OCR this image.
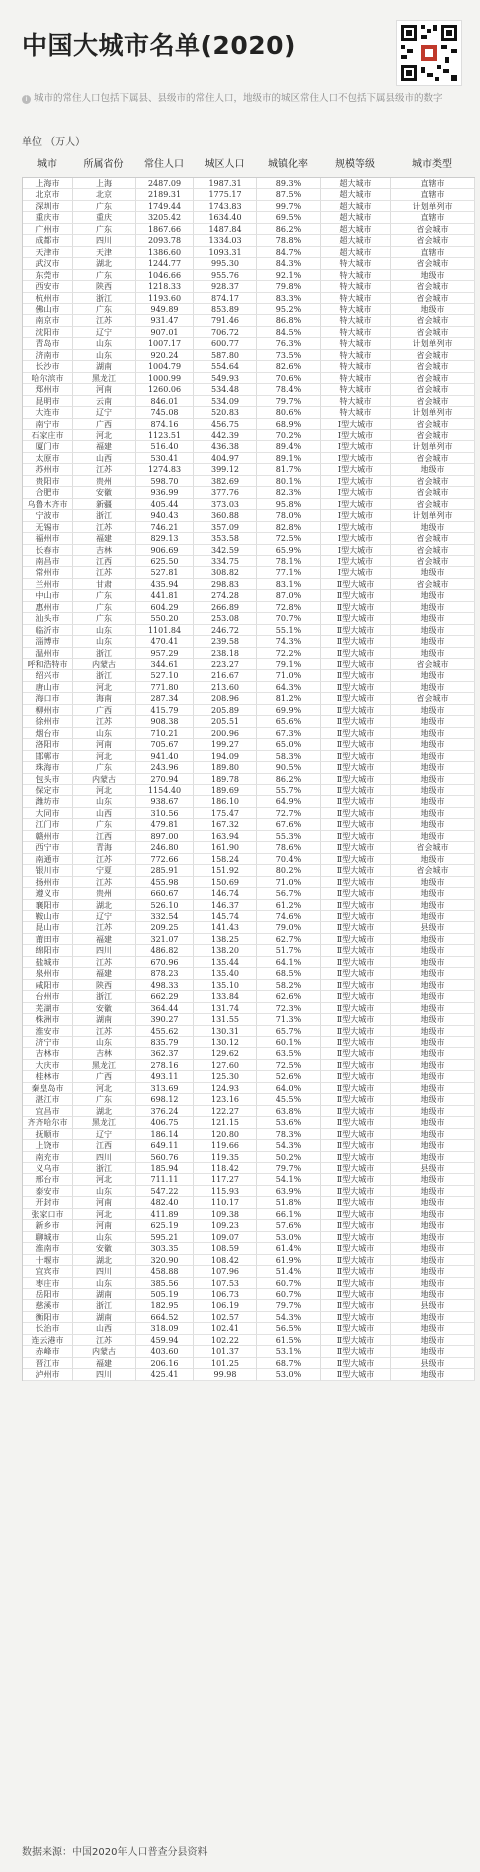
中国大城市名单(2020)
i 城市的常住人口包括下属县、县级市的常住人口，地级市的城区常住人口不包括下属县级市的数字
单位 （万人）
城市	所属省份	常住人口	城区人口	城镇化率	规模等级	城市类型
上海市	上海	2487.09	1987.31	89.3%	超大城市	直辖市
北京市	北京	2189.31	1775.17	87.5%	超大城市	直辖市
深圳市	广东	1749.44	1743.83	99.7%	超大城市	计划单列市
重庆市	重庆	3205.42	1634.40	69.5%	超大城市	直辖市
广州市	广东	1867.66	1487.84	86.2%	超大城市	省会城市
成都市	四川	2093.78	1334.03	78.8%	超大城市	省会城市
天津市	天津	1386.60	1093.31	84.7%	超大城市	直辖市
武汉市	湖北	1244.77	995.30	84.3%	特大城市	省会城市
东莞市	广东	1046.66	955.76	92.1%	特大城市	地级市
西安市	陕西	1218.33	928.37	79.8%	特大城市	省会城市
杭州市	浙江	1193.60	874.17	83.3%	特大城市	省会城市
佛山市	广东	949.89	853.89	95.2%	特大城市	地级市
南京市	江苏	931.47	791.46	86.8%	特大城市	省会城市
沈阳市	辽宁	907.01	706.72	84.5%	特大城市	省会城市
青岛市	山东	1007.17	600.77	76.3%	特大城市	计划单列市
济南市	山东	920.24	587.80	73.5%	特大城市	省会城市
长沙市	湖南	1004.79	554.64	82.6%	特大城市	省会城市
哈尔滨市	黑龙江	1000.99	549.93	70.6%	特大城市	省会城市
郑州市	河南	1260.06	534.48	78.4%	特大城市	省会城市
昆明市	云南	846.01	534.09	79.7%	特大城市	省会城市
大连市	辽宁	745.08	520.83	80.6%	特大城市	计划单列市
南宁市	广西	874.16	456.75	68.9%	Ⅰ型大城市	省会城市
石家庄市	河北	1123.51	442.39	70.2%	Ⅰ型大城市	省会城市
厦门市	福建	516.40	436.38	89.4%	Ⅰ型大城市	计划单列市
太原市	山西	530.41	404.97	89.1%	Ⅰ型大城市	省会城市
苏州市	江苏	1274.83	399.12	81.7%	Ⅰ型大城市	地级市
贵阳市	贵州	598.70	382.69	80.1%	Ⅰ型大城市	省会城市
合肥市	安徽	936.99	377.76	82.3%	Ⅰ型大城市	省会城市
乌鲁木齐市	新疆	405.44	373.03	95.8%	Ⅰ型大城市	省会城市
宁波市	浙江	940.43	360.88	78.0%	Ⅰ型大城市	计划单列市
无锡市	江苏	746.21	357.09	82.8%	Ⅰ型大城市	地级市
福州市	福建	829.13	353.58	72.5%	Ⅰ型大城市	省会城市
长春市	吉林	906.69	342.59	65.9%	Ⅰ型大城市	省会城市
南昌市	江西	625.50	334.75	78.1%	Ⅰ型大城市	省会城市
常州市	江苏	527.81	308.82	77.1%	Ⅰ型大城市	地级市
兰州市	甘肃	435.94	298.83	83.1%	Ⅱ型大城市	省会城市
中山市	广东	441.81	274.28	87.0%	Ⅱ型大城市	地级市
惠州市	广东	604.29	266.89	72.8%	Ⅱ型大城市	地级市
汕头市	广东	550.20	253.08	70.7%	Ⅱ型大城市	地级市
临沂市	山东	1101.84	246.72	55.1%	Ⅱ型大城市	地级市
淄博市	山东	470.41	239.58	74.3%	Ⅱ型大城市	地级市
温州市	浙江	957.29	238.18	72.2%	Ⅱ型大城市	地级市
呼和浩特市	内蒙古	344.61	223.27	79.1%	Ⅱ型大城市	省会城市
绍兴市	浙江	527.10	216.67	71.0%	Ⅱ型大城市	地级市
唐山市	河北	771.80	213.60	64.3%	Ⅱ型大城市	地级市
海口市	海南	287.34	208.96	81.2%	Ⅱ型大城市	省会城市
柳州市	广西	415.79	205.89	69.9%	Ⅱ型大城市	地级市
徐州市	江苏	908.38	205.51	65.6%	Ⅱ型大城市	地级市
烟台市	山东	710.21	200.96	67.3%	Ⅱ型大城市	地级市
洛阳市	河南	705.67	199.27	65.0%	Ⅱ型大城市	地级市
邯郸市	河北	941.40	194.09	58.3%	Ⅱ型大城市	地级市
珠海市	广东	243.96	189.80	90.5%	Ⅱ型大城市	地级市
包头市	内蒙古	270.94	189.78	86.2%	Ⅱ型大城市	地级市
保定市	河北	1154.40	189.69	55.7%	Ⅱ型大城市	地级市
潍坊市	山东	938.67	186.10	64.9%	Ⅱ型大城市	地级市
大同市	山西	310.56	175.47	72.7%	Ⅱ型大城市	地级市
江门市	广东	479.81	167.32	67.6%	Ⅱ型大城市	地级市
赣州市	江西	897.00	163.94	55.3%	Ⅱ型大城市	地级市
西宁市	青海	246.80	161.90	78.6%	Ⅱ型大城市	省会城市
南通市	江苏	772.66	158.24	70.4%	Ⅱ型大城市	地级市
银川市	宁夏	285.91	151.92	80.2%	Ⅱ型大城市	省会城市
扬州市	江苏	455.98	150.69	71.0%	Ⅱ型大城市	地级市
遵义市	贵州	660.67	146.74	56.7%	Ⅱ型大城市	地级市
襄阳市	湖北	526.10	146.37	61.2%	Ⅱ型大城市	地级市
鞍山市	辽宁	332.54	145.74	74.6%	Ⅱ型大城市	地级市
昆山市	江苏	209.25	141.43	79.0%	Ⅱ型大城市	县级市
莆田市	福建	321.07	138.25	62.7%	Ⅱ型大城市	地级市
绵阳市	四川	486.82	138.20	51.7%	Ⅱ型大城市	地级市
盐城市	江苏	670.96	135.44	64.1%	Ⅱ型大城市	地级市
泉州市	福建	878.23	135.40	68.5%	Ⅱ型大城市	地级市
咸阳市	陕西	498.33	135.10	58.2%	Ⅱ型大城市	地级市
台州市	浙江	662.29	133.84	62.6%	Ⅱ型大城市	地级市
芜湖市	安徽	364.44	131.74	72.3%	Ⅱ型大城市	地级市
株洲市	湖南	390.27	131.55	71.3%	Ⅱ型大城市	地级市
淮安市	江苏	455.62	130.31	65.7%	Ⅱ型大城市	地级市
济宁市	山东	835.79	130.12	60.1%	Ⅱ型大城市	地级市
吉林市	吉林	362.37	129.62	63.5%	Ⅱ型大城市	地级市
大庆市	黑龙江	278.16	127.60	72.5%	Ⅱ型大城市	地级市
桂林市	广西	493.11	125.30	52.6%	Ⅱ型大城市	地级市
秦皇岛市	河北	313.69	124.93	64.0%	Ⅱ型大城市	地级市
湛江市	广东	698.12	123.16	45.5%	Ⅱ型大城市	地级市
宜昌市	湖北	376.24	122.27	63.8%	Ⅱ型大城市	地级市
齐齐哈尔市	黑龙江	406.75	121.15	53.6%	Ⅱ型大城市	地级市
抚顺市	辽宁	186.14	120.80	78.3%	Ⅱ型大城市	地级市
上饶市	江西	649.11	119.66	54.3%	Ⅱ型大城市	地级市
南充市	四川	560.76	119.35	50.2%	Ⅱ型大城市	地级市
义乌市	浙江	185.94	118.42	79.7%	Ⅱ型大城市	县级市
邢台市	河北	711.11	117.27	54.1%	Ⅱ型大城市	地级市
泰安市	山东	547.22	115.93	63.9%	Ⅱ型大城市	地级市
开封市	河南	482.40	110.17	51.8%	Ⅱ型大城市	地级市
张家口市	河北	411.89	109.38	66.1%	Ⅱ型大城市	地级市
新乡市	河南	625.19	109.23	57.6%	Ⅱ型大城市	地级市
聊城市	山东	595.21	109.07	53.0%	Ⅱ型大城市	地级市
淮南市	安徽	303.35	108.59	61.4%	Ⅱ型大城市	地级市
十堰市	湖北	320.90	108.42	61.9%	Ⅱ型大城市	地级市
宜宾市	四川	458.88	107.96	51.4%	Ⅱ型大城市	地级市
枣庄市	山东	385.56	107.53	60.7%	Ⅱ型大城市	地级市
岳阳市	湖南	505.19	106.73	60.7%	Ⅱ型大城市	地级市
慈溪市	浙江	182.95	106.19	79.7%	Ⅱ型大城市	县级市
衡阳市	湖南	664.52	102.57	54.3%	Ⅱ型大城市	地级市
长治市	山西	318.09	102.41	56.5%	Ⅱ型大城市	地级市
连云港市	江苏	459.94	102.22	61.5%	Ⅱ型大城市	地级市
赤峰市	内蒙古	403.60	101.37	53.1%	Ⅱ型大城市	地级市
晋江市	福建	206.16	101.25	68.7%	Ⅱ型大城市	县级市
泸州市	四川	425.41	99.98	53.0%	Ⅱ型大城市	地级市
数据来源：中国2020年人口普查分县资料
